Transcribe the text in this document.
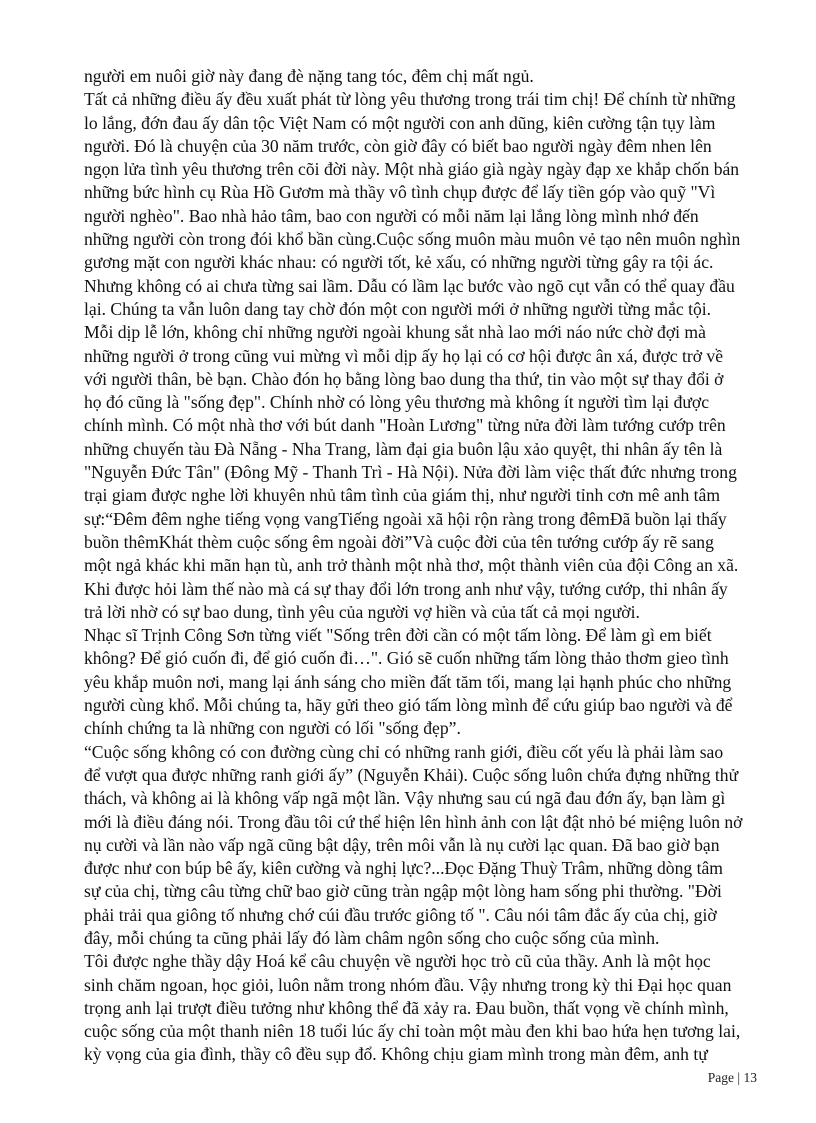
người em nuôi giờ này đang đè nặng tang tóc, đêm chị mất ngủ.
Tất cả những điều ấy đều xuất phát từ lòng yêu thương trong trái tim chị! Để chính từ những
lo lắng, đớn đau ấy dân tộc Việt Nam có một người con anh dũng, kiên cường tận tụy làm
người. Đó là chuyện của 30 năm trước, còn giờ đây có biết bao người ngày đêm nhen lên
ngọn lửa tình yêu thương trên cõi đời này. Một nhà giáo già ngày ngày đạp xe khắp chốn bán
những bức hình cụ Rùa Hồ Gươm mà thầy vô tình chụp được để lấy tiền góp vào quỹ "Vì
người nghèo". Bao nhà hảo tâm, bao con người có mỗi năm lại lắng lòng mình nhớ đến
những người còn trong đói khổ bần cùng.Cuộc sống muôn màu muôn vẻ tạo nên muôn nghìn
gương mặt con người khác nhau: có người tốt, kẻ xấu, có những người từng gây ra tội ác.
Nhưng không có ai chưa từng sai lầm. Dẫu có lầm lạc bước vào ngõ cụt vẫn có thể quay đầu
lại. Chúng ta vẫn luôn dang tay chờ đón một con người mới ở những người từng mắc tội.
Mỗi dịp lễ lớn, không chỉ những người ngoài khung sắt nhà lao mới náo nức chờ đợi mà
những người ở trong cũng vui mừng vì mỗi dịp ấy họ lại có cơ hội được ân xá, được trở về
với người thân, bè bạn. Chào đón họ bằng lòng bao dung tha thứ, tin vào một sự thay đổi ở
họ đó cũng là "sống đẹp". Chính nhờ có lòng yêu thương mà không ít người tìm lại được
chính mình. Có một nhà thơ với bút danh "Hoàn Lương" từng nửa đời làm tướng cướp trên
những chuyến tàu Đà Nẵng - Nha Trang, làm đại gia buôn lậu xảo quyệt, thi nhân ấy tên là
"Nguyễn Đức Tân" (Đông Mỹ - Thanh Trì - Hà Nội). Nửa đời làm việc thất đức nhưng trong
trại giam được nghe lời khuyên nhủ tâm tình của giám thị, như người tỉnh cơn mê anh tâm
sự:“Đêm đêm nghe tiếng vọng vangTiếng ngoài xã hội rộn ràng trong đêmĐã buồn lại thấy
buồn thêmKhát thèm cuộc sống êm ngoài đời”Và cuộc đời của tên tướng cướp ấy rẽ sang
một ngả khác khi mãn hạn tù, anh trở thành một nhà thơ, một thành viên của đội Công an xã.
Khi được hỏi làm thế nào mà cá sự thay đổi lớn trong anh như vậy, tướng cướp, thi nhân ấy
trả lời nhờ có sự bao dung, tình yêu của người vợ hiền và của tất cả mọi người.
Nhạc sĩ Trịnh Công Sơn từng viết "Sống trên đời cần có một tấm lòng. Để làm gì em biết
không? Để gió cuốn đi, để gió cuốn đi…". Gió sẽ cuốn những tấm lòng thảo thơm gieo tình
yêu khắp muôn nơi, mang lại ánh sáng cho miền đất tăm tối, mang lại hạnh phúc cho những
người cùng khổ. Mỗi chúng ta, hãy gửi theo gió tấm lòng mình để cứu giúp bao người và để
chính chứng ta là những con người có lối "sống đẹp”.
“Cuộc sống không có con đường cùng chỉ có những ranh giới, điều cốt yếu là phải làm sao
để vượt qua được những ranh giới ấy” (Nguyễn Khải). Cuộc sống luôn chứa đựng những thử
thách, và không ai là không vấp ngã một lần. Vậy nhưng sau cú ngã đau đớn ấy, bạn làm gì
mới là điều đáng nói. Trong đầu tôi cứ thể hiện lên hình ảnh con lật đật nhỏ bé miệng luôn nở
nụ cười và lần nào vấp ngã cũng bật dậy, trên môi vẫn là nụ cười lạc quan. Đã bao giờ bạn
được như con búp bê ấy, kiên cường và nghị lực?...Đọc Đặng Thuỳ Trâm, những dòng tâm
sự của chị, từng câu từng chữ bao giờ cũng tràn ngập một lòng ham sống phi thường. "Đời
phải trải qua giông tố nhưng chớ cúi đầu trước giông tố ". Câu nói tâm đắc ấy của chị, giờ
đây, mỗi chúng ta cũng phải lấy đó làm châm ngôn sống cho cuộc sống của mình.
Tôi được nghe thầy dậy Hoá kể câu chuyện về người học trò cũ của thầy. Anh là một học
sinh chăm ngoan, học giỏi, luôn nằm trong nhóm đầu. Vậy nhưng trong kỳ thi Đại học quan
trọng anh lại trượt điều tưởng như không thể đã xảy ra. Đau buồn, thất vọng về chính mình,
cuộc sống của một thanh niên 18 tuổi lúc ấy chỉ toàn một màu đen khi bao hứa hẹn tương lai,
kỳ vọng của gia đình, thầy cô đều sụp đổ. Không chịu giam mình trong màn đêm, anh tự
Page | 13
